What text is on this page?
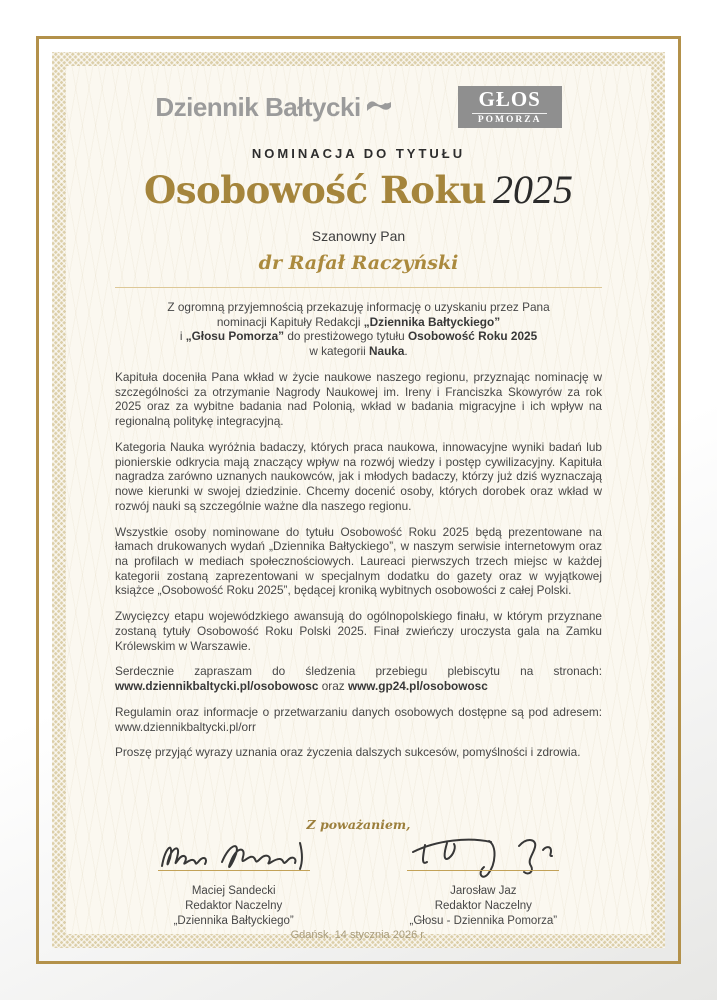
Dziennik Bałtycki	GŁOS
POMORZA
NOMINACJA DO TYTUŁU
Osobowość Roku 2025
Szanowny Pan
dr Rafał Raczyński

Z ogromną przyjemnością przekazuję informację o uzyskaniu przez Pana
nominacji Kapituły Redakcji „Dziennika Bałtyckiego”
i „Głosu Pomorza” do prestiżowego tytułu Osobowość Roku 2025
w kategorii Nauka.

Kapituła doceniła Pana wkład w życie naukowe naszego regionu, przyznając nominację w szczególności za otrzymanie Nagrody Naukowej im. Ireny i Franciszka Skowyrów za rok 2025 oraz za wybitne badania nad Polonią, wkład w badania migracyjne i ich wpływ na regionalną politykę integracyjną.

Kategoria Nauka wyróżnia badaczy, których praca naukowa, innowacyjne wyniki badań lub pionierskie odkrycia mają znaczący wpływ na rozwój wiedzy i postęp cywilizacyjny. Kapituła nagradza zarówno uznanych naukowców, jak i młodych badaczy, którzy już dziś wyznaczają nowe kierunki w swojej dziedzinie. Chcemy docenić osoby, których dorobek oraz wkład w rozwój nauki są szczególnie ważne dla naszego regionu.

Wszystkie osoby nominowane do tytułu Osobowość Roku 2025 będą prezentowane na łamach drukowanych wydań „Dziennika Bałtyckiego”, w naszym serwisie internetowym oraz na profilach w mediach społecznościowych. Laureaci pierwszych trzech miejsc w każdej kategorii zostaną zaprezentowani w specjalnym dodatku do gazety oraz w wyjątkowej książce „Osobowość Roku 2025”, będącej kroniką wybitnych osobowości z całej Polski.

Zwycięzcy etapu wojewódzkiego awansują do ogólnopolskiego finału, w którym przyznane zostaną tytuły Osobowość Roku Polski 2025. Finał zwieńczy uroczysta gala na Zamku Królewskim w Warszawie.

Serdecznie zapraszam do śledzenia przebiegu plebiscytu na stronach: www.dziennikbaltycki.pl/osobowosc oraz www.gp24.pl/osobowosc

Regulamin oraz informacje o przetwarzaniu danych osobowych dostępne są pod adresem: www.dziennikbaltycki.pl/orr

Proszę przyjąć wyrazy uznania oraz życzenia dalszych sukcesów, pomyślności i zdrowia.

Z poważaniem,
Maciej Sandecki
Redaktor Naczelny
„Dziennika Bałtyckiego”
Jarosław Jaz
Redaktor Naczelny
„Głosu - Dziennika Pomorza”
Gdańsk, 14 stycznia 2026 r.
